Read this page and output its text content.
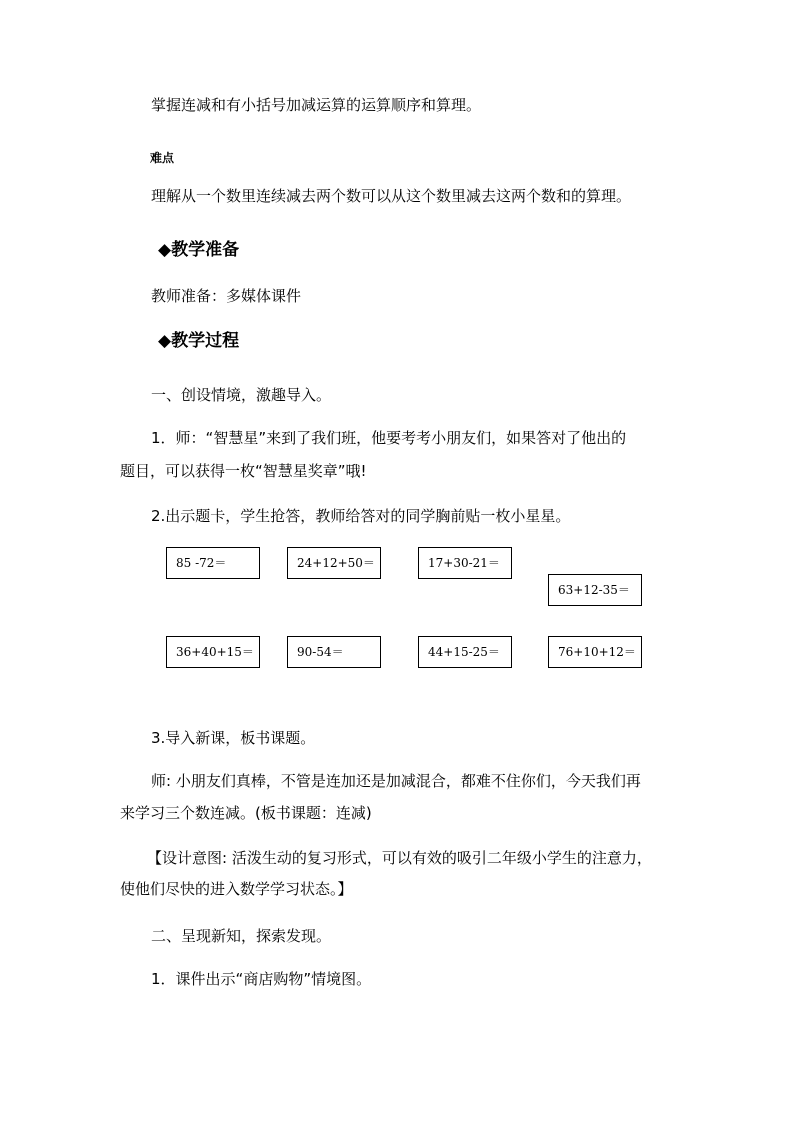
掌握连减和有小括号加减运算的运算顺序和算理。
难点
理解从一个数里连续减去两个数可以从这个数里减去这两个数和的算理。
◆教学准备
教师准备：多媒体课件
◆教学过程
一、创设情境，激趣导入。
1．师：“智慧星”来到了我们班，他要考考小朋友们，如果答对了他出的
题目，可以获得一枚“智慧星奖章”哦!
2.出示题卡，学生抢答，教师给答对的同学胸前贴一枚小星星。
85 -72＝	24+12+50＝	17+30-21＝
63+12-35＝
36+40+15＝	90-54＝	44+15-25＝	76+10+12＝
3.导入新课，板书课题。
师: 小朋友们真棒，不管是连加还是加减混合，都难不住你们，今天我们再
来学习三个数连减。(板书课题：连减)
【设计意图: 活泼生动的复习形式，可以有效的吸引二年级小学生的注意力，
使他们尽快的进入数学学习状态。】
二、呈现新知，探索发现。
1．课件出示“商店购物”情境图。
